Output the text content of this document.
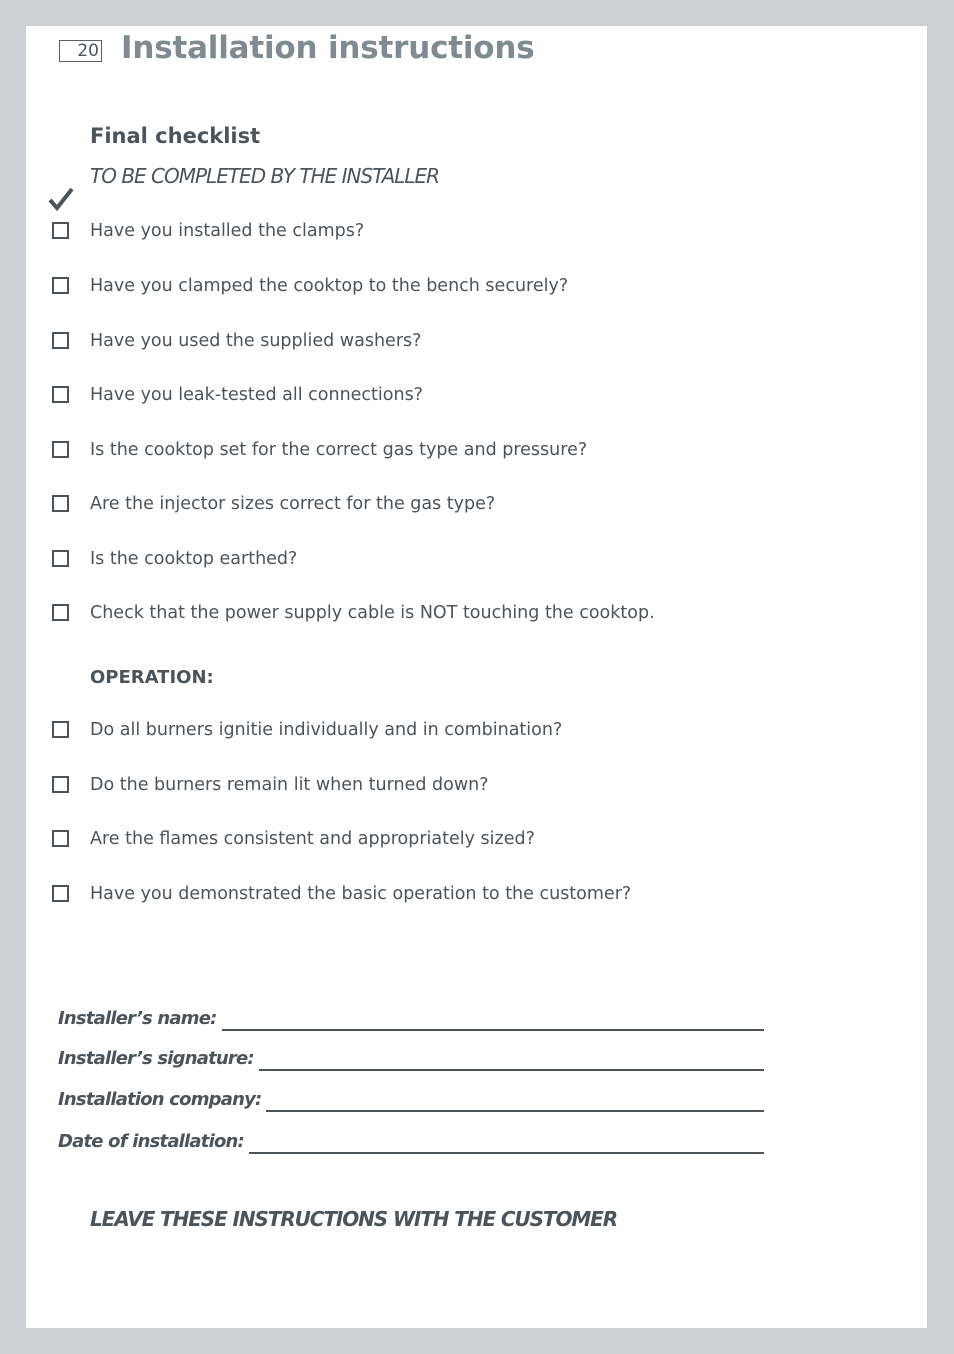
20 Installation instructions
Final checklist
TO BE COMPLETED BY THE INSTALLER
Have you installed the clamps?
Have you clamped the cooktop to the bench securely?
Have you used the supplied washers?
Have you leak-tested all connections?
Is the cooktop set for the correct gas type and pressure?
Are the injector sizes correct for the gas type?
Is the cooktop earthed?
Check that the power supply cable is NOT touching the cooktop.
OPERATION:
Do all burners ignitie individually and in combination?
Do the burners remain lit when turned down?
Are the flames consistent and appropriately sized?
Have you demonstrated the basic operation to the customer?
Installer’s name:
Installer’s signature:
Installation company:
Date of installation:
LEAVE THESE INSTRUCTIONS WITH THE CUSTOMER
